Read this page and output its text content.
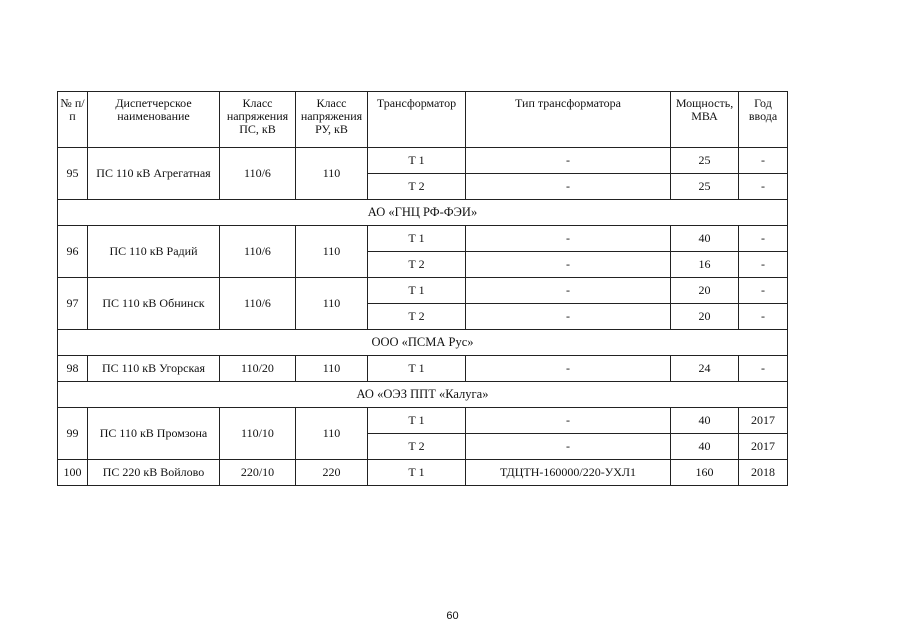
№ п/п	Диспетчерское наименование	Класс напряжения ПС, кВ	Класс напряжения РУ, кВ	Трансформатор	Тип трансформатора	Мощность, МВА	Год ввода
95	ПС 110 кВ Агрегатная	110/6	110	Т 1	-	25	-
				Т 2	-	25	-
АО «ГНЦ РФ-ФЭИ»							
96	ПС 110 кВ Радий	110/6	110	Т 1	-	40	-
				Т 2	-	16	-
97	ПС 110 кВ Обнинск	110/6	110	Т 1	-	20	-
				Т 2	-	20	-
ООО «ПСМА Рус»							
98	ПС 110 кВ Угорская	110/20	110	Т 1	-	24	-
АО «ОЭЗ ППТ «Калуга»							
99	ПС 110 кВ Промзона	110/10	110	Т 1	-	40	2017
				Т 2	-	40	2017
100	ПС 220 кВ Войлово	220/10	220	Т 1	ТДЦТН-160000/220-УХЛ1	160	2018
60
